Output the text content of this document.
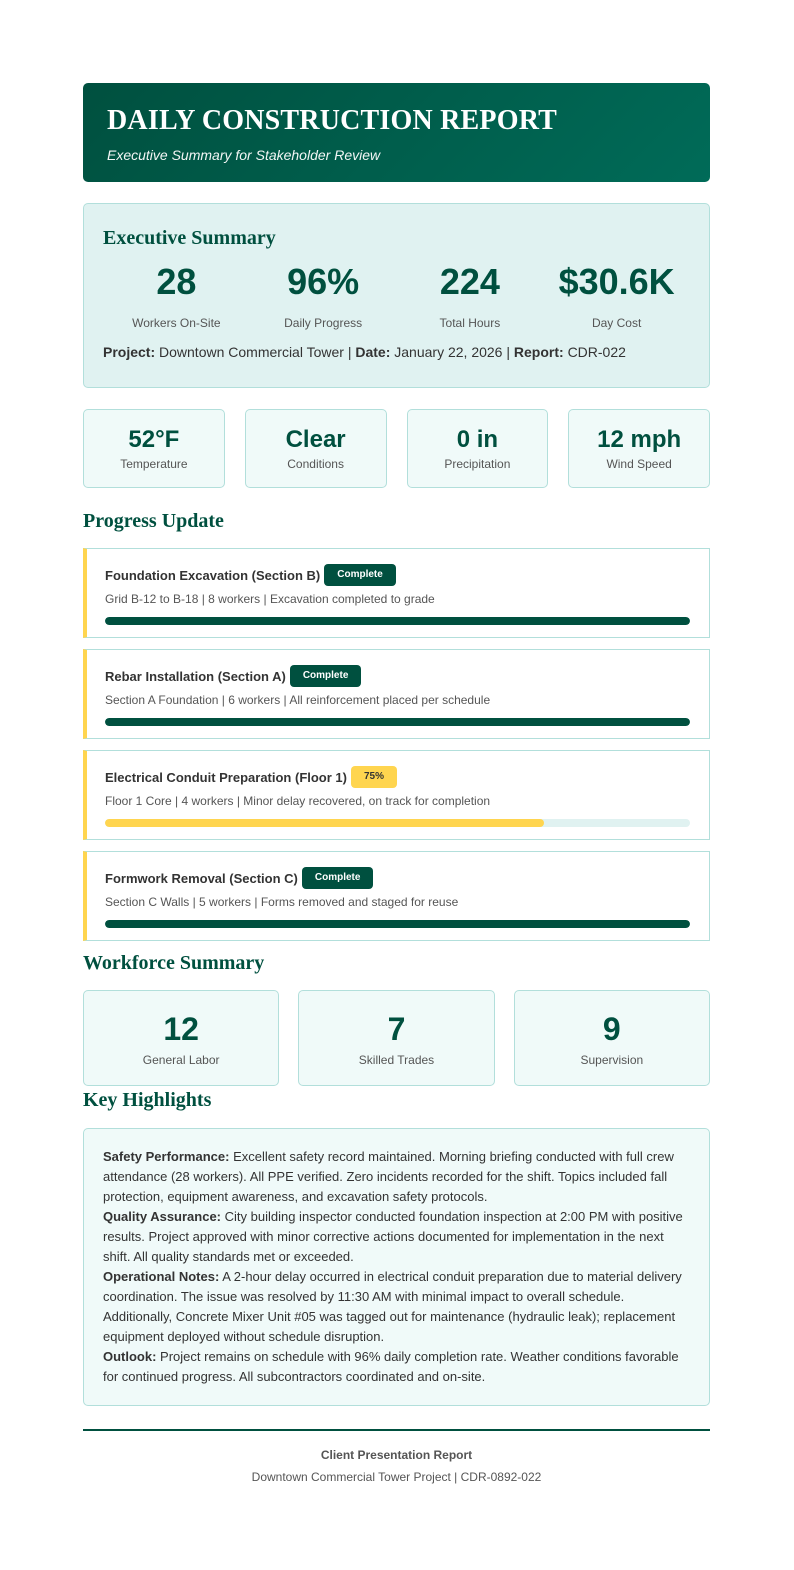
DAILY CONSTRUCTION REPORT
Executive Summary for Stakeholder Review
Executive Summary
28
Workers On-Site
96%
Daily Progress
224
Total Hours
$30.6K
Day Cost
Project: Downtown Commercial Tower | Date: January 22, 2026 | Report: CDR-022
52°F
Temperature
Clear
Conditions
0 in
Precipitation
12 mph
Wind Speed
Progress Update
Foundation Excavation (Section B)	Complete
Grid B-12 to B-18 | 8 workers | Excavation completed to grade
Rebar Installation (Section A)	Complete
Section A Foundation | 6 workers | All reinforcement placed per schedule
Electrical Conduit Preparation (Floor 1)	75%
Floor 1 Core | 4 workers | Minor delay recovered, on track for completion
Formwork Removal (Section C)	Complete
Section C Walls | 5 workers | Forms removed and staged for reuse
Workforce Summary
12
General Labor
7
Skilled Trades
9
Supervision
Key Highlights

Safety Performance: Excellent safety record maintained. Morning briefing conducted with full crew attendance (28 workers). All PPE verified. Zero incidents recorded for the shift. Topics included fall protection, equipment awareness, and excavation safety protocols.

Quality Assurance: City building inspector conducted foundation inspection at 2:00 PM with positive results. Project approved with minor corrective actions documented for implementation in the next shift. All quality standards met or exceeded.

Operational Notes: A 2-hour delay occurred in electrical conduit preparation due to material delivery coordination. The issue was resolved by 11:30 AM with minimal impact to overall schedule. Additionally, Concrete Mixer Unit #05 was tagged out for maintenance (hydraulic leak); replacement equipment deployed without schedule disruption.

Outlook: Project remains on schedule with 96% daily completion rate. Weather conditions favorable for continued progress. All subcontractors coordinated and on-site.

Client Presentation Report
Downtown Commercial Tower Project | CDR-0892-022
